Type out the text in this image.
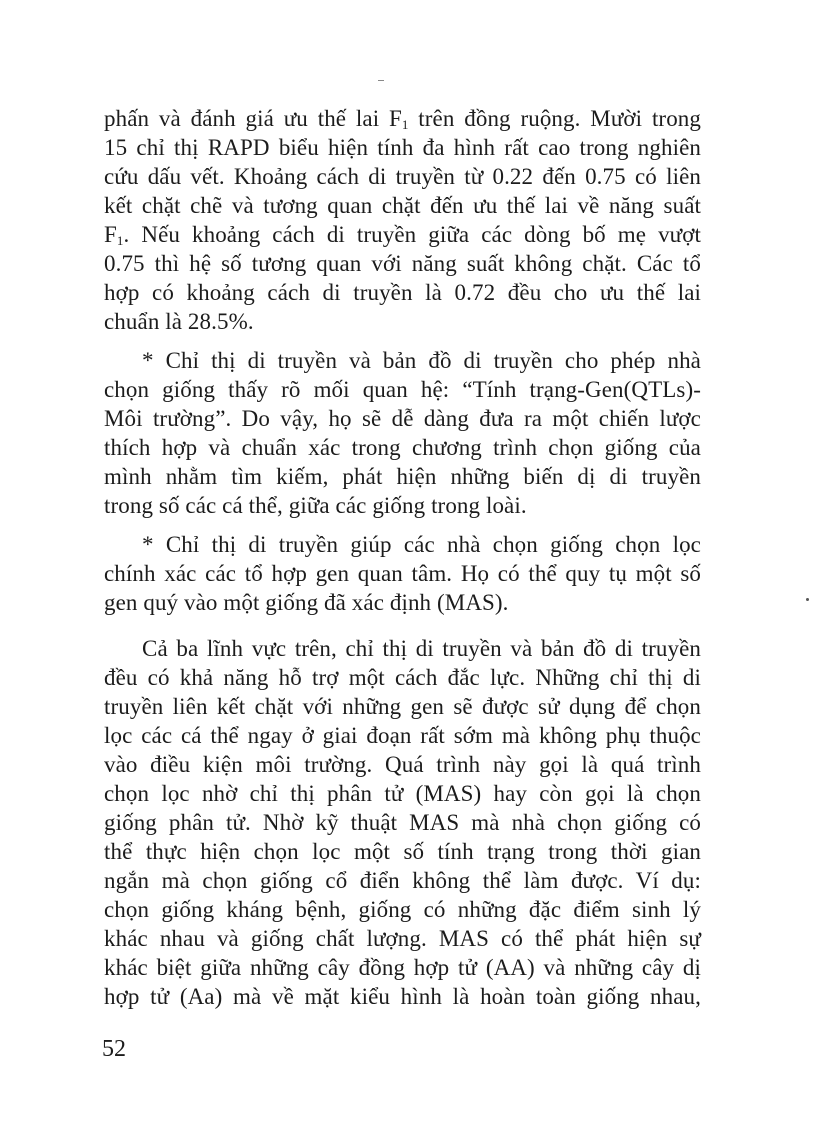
phấn và đánh giá ưu thế lai $F_1$ trên đồng ruộng. Mười trong
15 chỉ thị RAPD biểu hiện tính đa hình rất cao trong nghiên
cứu dấu vết. Khoảng cách di truyền từ 0.22 đến 0.75 có liên
kết chặt chẽ và tương quan chặt đến ưu thế lai về năng suất
$F_1$. Nếu khoảng cách di truyền giữa các dòng bố mẹ vượt
0.75 thì hệ số tương quan với năng suất không chặt. Các tổ
hợp có khoảng cách di truyền là 0.72 đều cho ưu thế lai
chuẩn là 28.5%.
* Chỉ thị di truyền và bản đồ di truyền cho phép nhà
chọn giống thấy rõ mối quan hệ: “Tính trạng-Gen(QTLs)-
Môi trường”. Do vậy, họ sẽ dễ dàng đưa ra một chiến lược
thích hợp và chuẩn xác trong chương trình chọn giống của
mình nhằm tìm kiếm, phát hiện những biến dị di truyền
trong số các cá thể, giữa các giống trong loài.
* Chỉ thị di truyền giúp các nhà chọn giống chọn lọc
chính xác các tổ hợp gen quan tâm. Họ có thể quy tụ một số
gen quý vào một giống đã xác định (MAS).
Cả ba lĩnh vực trên, chỉ thị di truyền và bản đồ di truyền
đều có khả năng hỗ trợ một cách đắc lực. Những chỉ thị di
truyền liên kết chặt với những gen sẽ được sử dụng để chọn
lọc các cá thể ngay ở giai đoạn rất sớm mà không phụ thuộc
vào điều kiện môi trường. Quá trình này gọi là quá trình
chọn lọc nhờ chỉ thị phân tử (MAS) hay còn gọi là chọn
giống phân tử. Nhờ kỹ thuật MAS mà nhà chọn giống có
thể thực hiện chọn lọc một số tính trạng trong thời gian
ngắn mà chọn giống cổ điển không thể làm được. Ví dụ:
chọn giống kháng bệnh, giống có những đặc điểm sinh lý
khác nhau và giống chất lượng. MAS có thể phát hiện sự
khác biệt giữa những cây đồng hợp tử (AA) và những cây dị
hợp tử (Aa) mà về mặt kiểu hình là hoàn toàn giống nhau,
52
